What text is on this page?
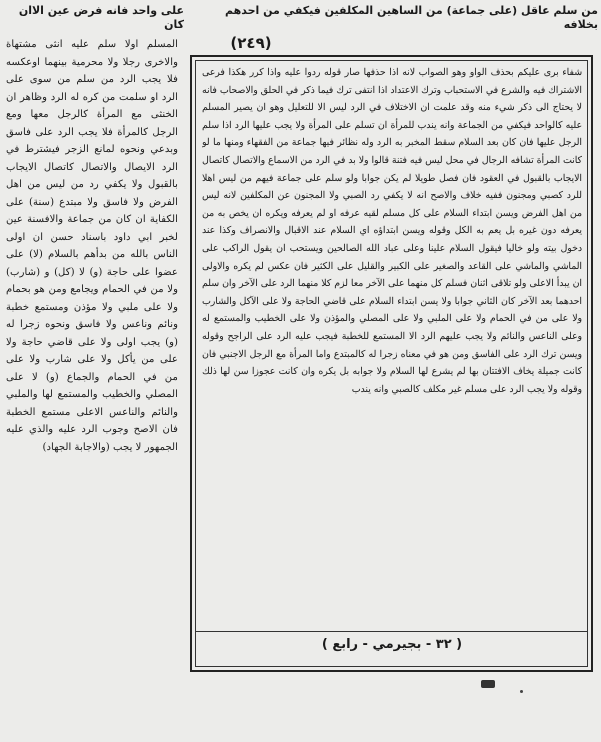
من سلم عاقل (على جماعة) من الساهين المكلفين فيكفي من احدهم بخلافه
على واحد فانه فرض عين الاان كان
(٢٤٩)
شفاء برى عليكم بحذف الواو وهو الصواب لانه اذا حذفها صار قوله ردوا عليه واذا كرر هكذا فرعى الاشتراك فيه والشرع في الاستحباب وترك الاعتداد اذا انتفى ترك فيما ذكر في الحلق والاصحاب فانه لا يحتاج الى ذكر شيء منه وقد علمت ان الاختلاف في الرد ليس الا للتعليل وهو ان يصير المسلم عليه كالواحد فيكفي من الجماعة وانه يندب للمرأة ان تسلم على المرأة ولا يجب عليها الرد اذا سلم الرجل عليها فان كان بعد السلام سقط المخبر به الرد وله نظائر فيها جماعة من الفقهاء ومنها ما لو كانت المرأة تشافه الرجال في محل ليس فيه فتنة قالوا ولا بد في الرد من الاسماع والاتصال كاتصال الايجاب بالقبول في العقود فان فصل طويلا لم يكن جوابا ولو سلم على جماعة فيهم من ليس اهلا للرد كصبي ومجنون ففيه خلاف والاصح انه لا يكفي رد الصبي ولا المجنون عن المكلفين لانه ليس من اهل الفرض ويسن ابتداء السلام على كل مسلم لقيه عرفه او لم يعرفه ويكره ان يخص به من يعرفه دون غيره بل يعم به الكل وقوله ويسن ابتداؤه اي السلام عند الاقبال والانصراف وكذا عند دخول بيته ولو خاليا فيقول السلام علينا وعلى عباد الله الصالحين ويستحب ان يقول الراكب على الماشي والماشي على القاعد والصغير على الكبير والقليل على الكثير فان عكس لم يكره والاولى ان يبدأ الاعلى ولو تلاقى اثنان فسلم كل منهما على الآخر معا لزم كلا منهما الرد على الآخر وان سلم احدهما بعد الآخر كان الثاني جوابا ولا يسن ابتداء السلام على قاضي الحاجة ولا على الآكل والشارب ولا على من في الحمام ولا على الملبي ولا على المصلي والمؤذن ولا على الخطيب والمستمع له وعلى الناعس والنائم ولا يجب عليهم الرد الا المستمع للخطبة فيجب عليه الرد على الراجح وقوله ويسن ترك الرد على الفاسق ومن هو في معناه زجرا له كالمبتدع واما المرأة مع الرجل الاجنبي فان كانت جميلة يخاف الافتتان بها لم يشرع لها السلام ولا جوابه بل يكره وان كانت عجوزا سن لها ذلك وقوله ولا يجب الرد على مسلم غير مكلف كالصبي وانه يندب
المسلم اولا سلم عليه انثى مشتهاة والاخرى رجلا ولا محرمية بينهما اوعكسه فلا يجب الرد من سلم من سوى على الرد او سلمت من كره له الرد وظاهر ان الخنثى مع المرأة كالرجل معها ومع الرجل كالمرأة فلا يجب الرد على فاسق وبدعي ونحوه لمانع الزجر فيشترط في الرد الايصال والاتصال كاتصال الايجاب بالقبول ولا يكفي رد من ليس من اهل الفرض ولا فاسق ولا مبتدع (سنة) على الكفاية ان كان من جماعة والافسنة عين لخبر ابي داود باسناد حسن ان اولى الناس بالله من بدأهم بالسلام (لا) على عضوا على حاجة (و) لا (كل) و (شارب) ولا من في الحمام ويجامع ومن هو بحمام ولا على ملبي ولا مؤذن ومستمع خطبة ونائم وناعس ولا فاسق ونحوه زجرا له (و) يجب اولى ولا على قاضي حاجة ولا على من يأكل ولا على شارب ولا على من في الحمام والجماع (و) لا على المصلي والخطيب والمستمع لها والملبي والنائم والناعس الاعلى مستمع الخطبة فان الاصح وجوب الرد عليه والذي عليه الجمهور لا يجب (والاجابة الجهاد)
( ٣٢ - بجيرمي - رابع )
